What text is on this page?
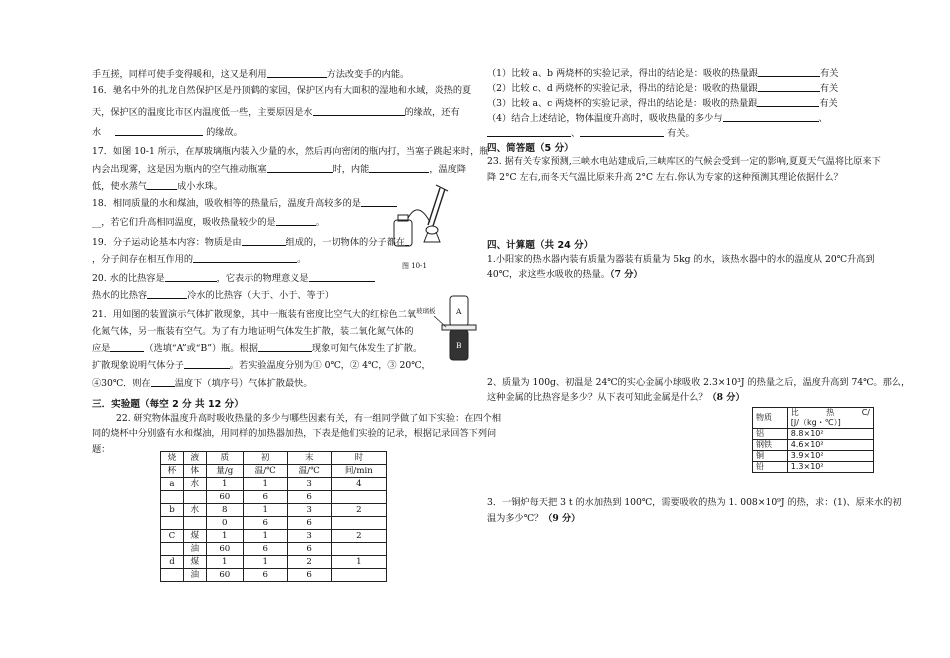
手互搓，同样可使手变得暖和，这又是利用	方法改变手的内能。
16．驰名中外的扎龙自然保护区是丹顶鹤的家园，保护区内有大面积的湿地和水域，炎热的夏
天，保护区的温度比市区内温度低一些，主要原因是水	的缘故，还有
水	的缘故。
17．如图 10-1 所示，在厚玻璃瓶内装入少量的水，然后再向密闭的瓶内打，当塞子跳起来时，瓶
内会出现雾，这是因为瓶内的空气推动瓶塞	时，内能	，温度降
低，使水蒸气	成小水珠。
18．相同质量的水和煤油，吸收相等的热量后，温度升高较多的是
__，若它们升高相同温度，吸收热量较少的是	。
19．分子运动论基本内容：物质是由	组成的，一切物体的分子都在
，分子间存在相互作用的	。
20. 水的比热容是	，它表示的物理意义是
热水的比热容	冷水的比热容（大于、小于、等于）
图 10-1
21．用如图的装置演示气体扩散现象，其中一瓶装有密度比空气大的红棕色二氧
化氮气体，另一瓶装有空气。为了有力地证明气体发生扩散，装二氧化氮气体的
应是	（选填“A”或“B”）瓶。根据	现象可知气体发生了扩散。
扩散现象说明气体分子	。若实验温度分别为① 0℃，② 4℃，③ 20℃，
④30℃．则在	温度下（填序号）气体扩散最快。
玻璃板	A
B
三．实验题（每空 2 分 共 12 分）
22. 研究物体温度升高时吸收热量的多少与哪些因素有关，有一组同学做了如下实验：在四个相
同的烧杯中分别盛有水和煤油，用同样的加热器加热，下表是他们实验的记录，根据记录回答下列问
题：
烧	液	质	初	末	时
杯	体	量/g	温/℃	温/℃	间/min
a	水	1	1	3	4
		60	6	6	
b	水	8	1	3	2
		0	6	6	
C	煤	1	1	3	2
	油	60	6	6	
d	煤	1	1	2	1
	油	60	6	6	
（1）比较 a、b 两烧杯的实验记录，得出的结论是：吸收的热量跟	有关
（2）比较 c、d 两烧杯的实验记录，得出的结论是：吸收的热量跟	有关
（3）比较 a、c 两烧杯的实验记录，得出的结论是：吸收的热量跟	有关
（4）结合上述结论，物体温度升高时，吸收热量的多少与	、
、	有关。
四、简答题（5 分）
23. 据有关专家预测,三峡水电站建成后,三峡库区的气候会受到一定的影响,夏夏天气温将比原来下
降 2°C 左右,而冬天气温比原来升高 2°C 左右.你认为专家的这种预测其理论依据什么？
四、计算题（共 24 分）
1.小阳家的热水器内装有质量为器装有质量为 5kg 的水，该热水器中的水的温度从 20℃升高到
40℃，求这些水吸收的热量。（7 分）
2、质量为 100g、初温是 24℃的实心金属小球吸收 2.3×10³J 的热量之后，温度升高到 74℃。那么，
这种金属的比热容是多少？从下表可知此金属是什么？（8 分）
物质	比 热 C/
[J/（kg・℃）]

铝	8.8×10²
钢铁	4.6×10²
铜	3.9×10²
铅	1.3×10²
3．一铜炉每天把 3 t 的水加热到 100℃，需要吸收的热为 1. 008×10⁹J 的热，求：(1)、原来水的初
温为多少℃？（9 分）
